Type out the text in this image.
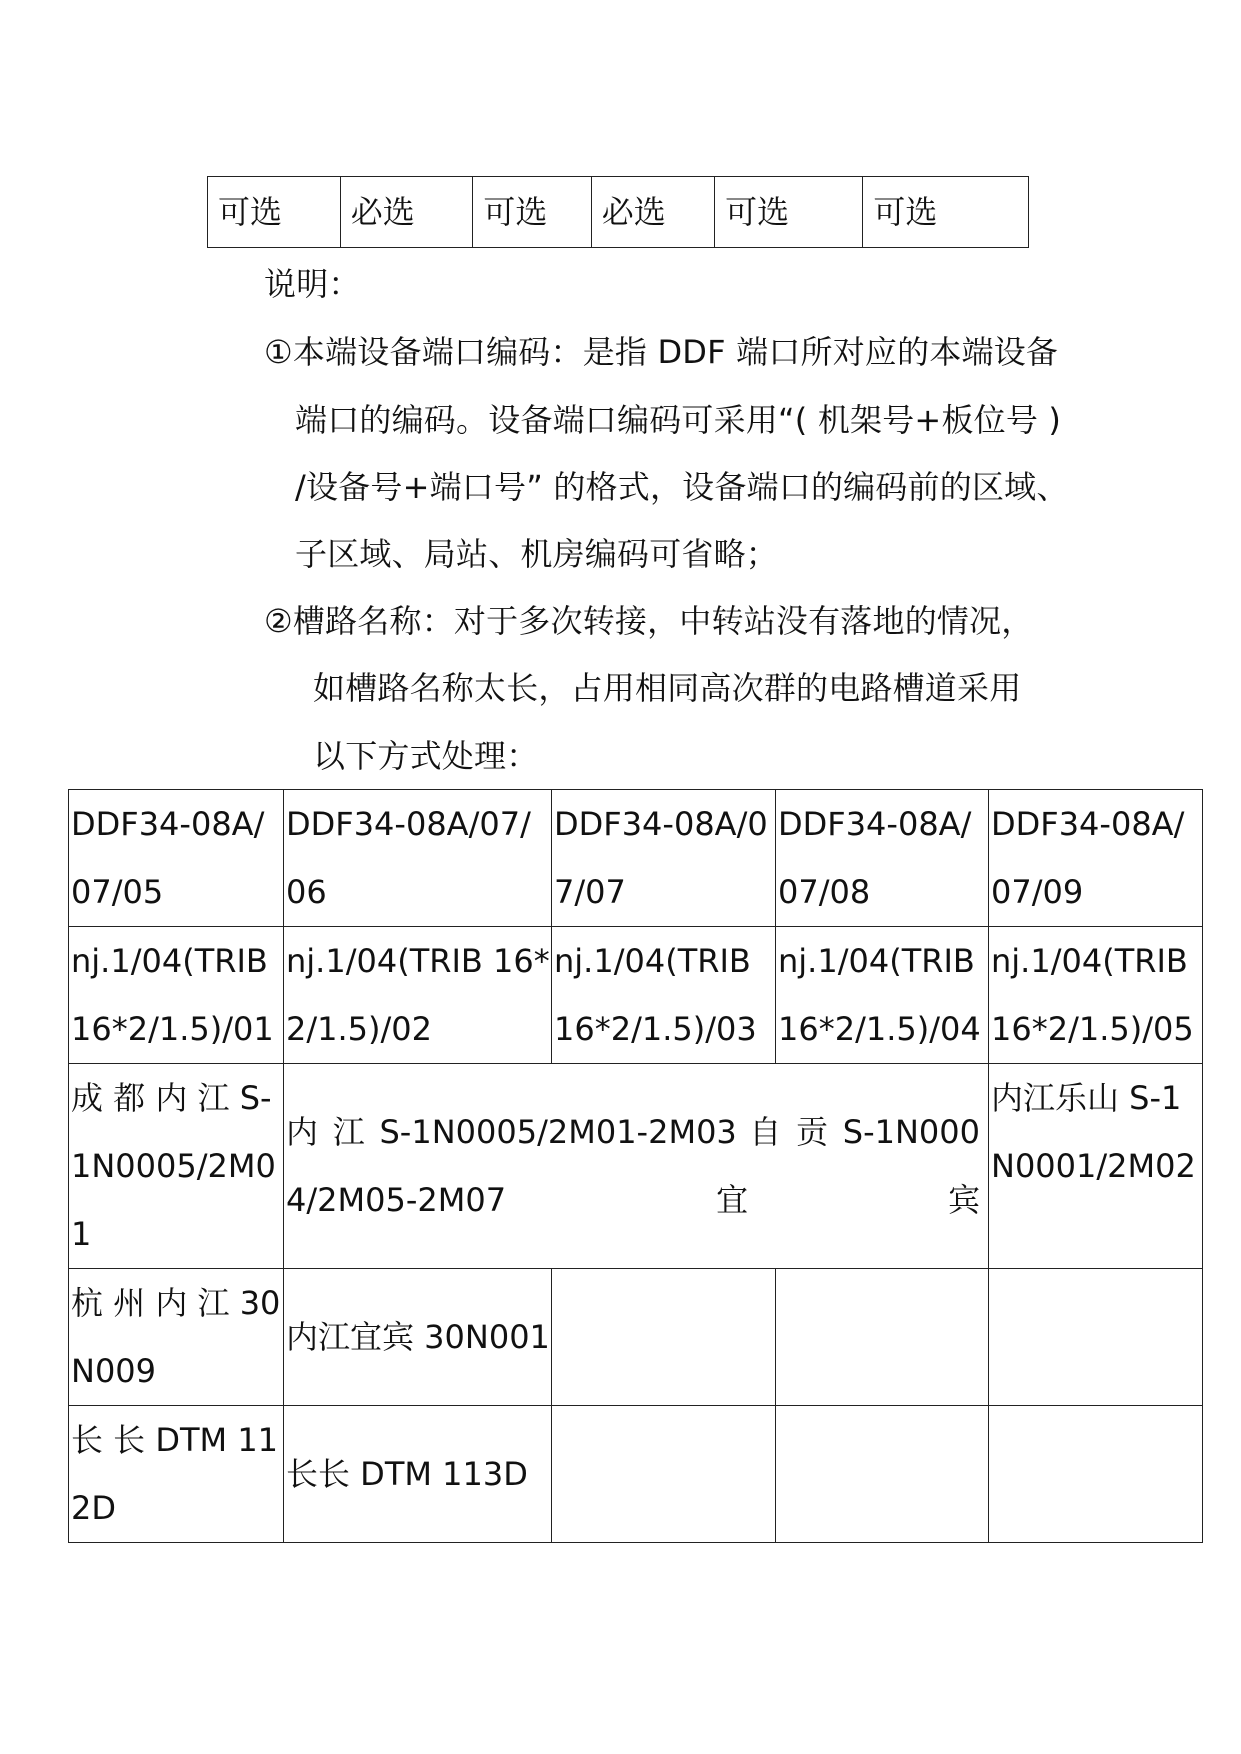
可选	必选	可选	必选	可选	可选
说明：
①本端设备端口编码：是指 DDF 端口所对应的本端设备
端口的编码。设备端口编码可采用“( 机架号+板位号 )
/设备号+端口号” 的格式，设备端口的编码前的区域、
子区域、局站、机房编码可省略；
②槽路名称：对于多次转接，中转站没有落地的情况，
如槽路名称太长，占用相同高次群的电路槽道采用
以下方式处理：
DDF34-08A/07/05	DDF34-08A/07/06	DDF34-08A/07/07	DDF34-08A/07/08	DDF34-08A/07/09
nj.1/04(TRIB 16*2/1.5)/01	nj.1/04(TRIB 16*2/1.5)/02	nj.1/04(TRIB 16*2/1.5)/03	nj.1/04(TRIB 16*2/1.5)/04	nj.1/04(TRIB 16*2/1.5)/05
成 都 内 江 S-1N0005/2M01	内 江 S-1N0005/2M01-2M03 自 贡 S-1N0004/2M05-2M07 宜宾			内江乐山 S-1N0001/2M02
杭 州 内 江 30N009	内江宜宾 30N001			
长 长 DTM 112D	长长 DTM 113D			
